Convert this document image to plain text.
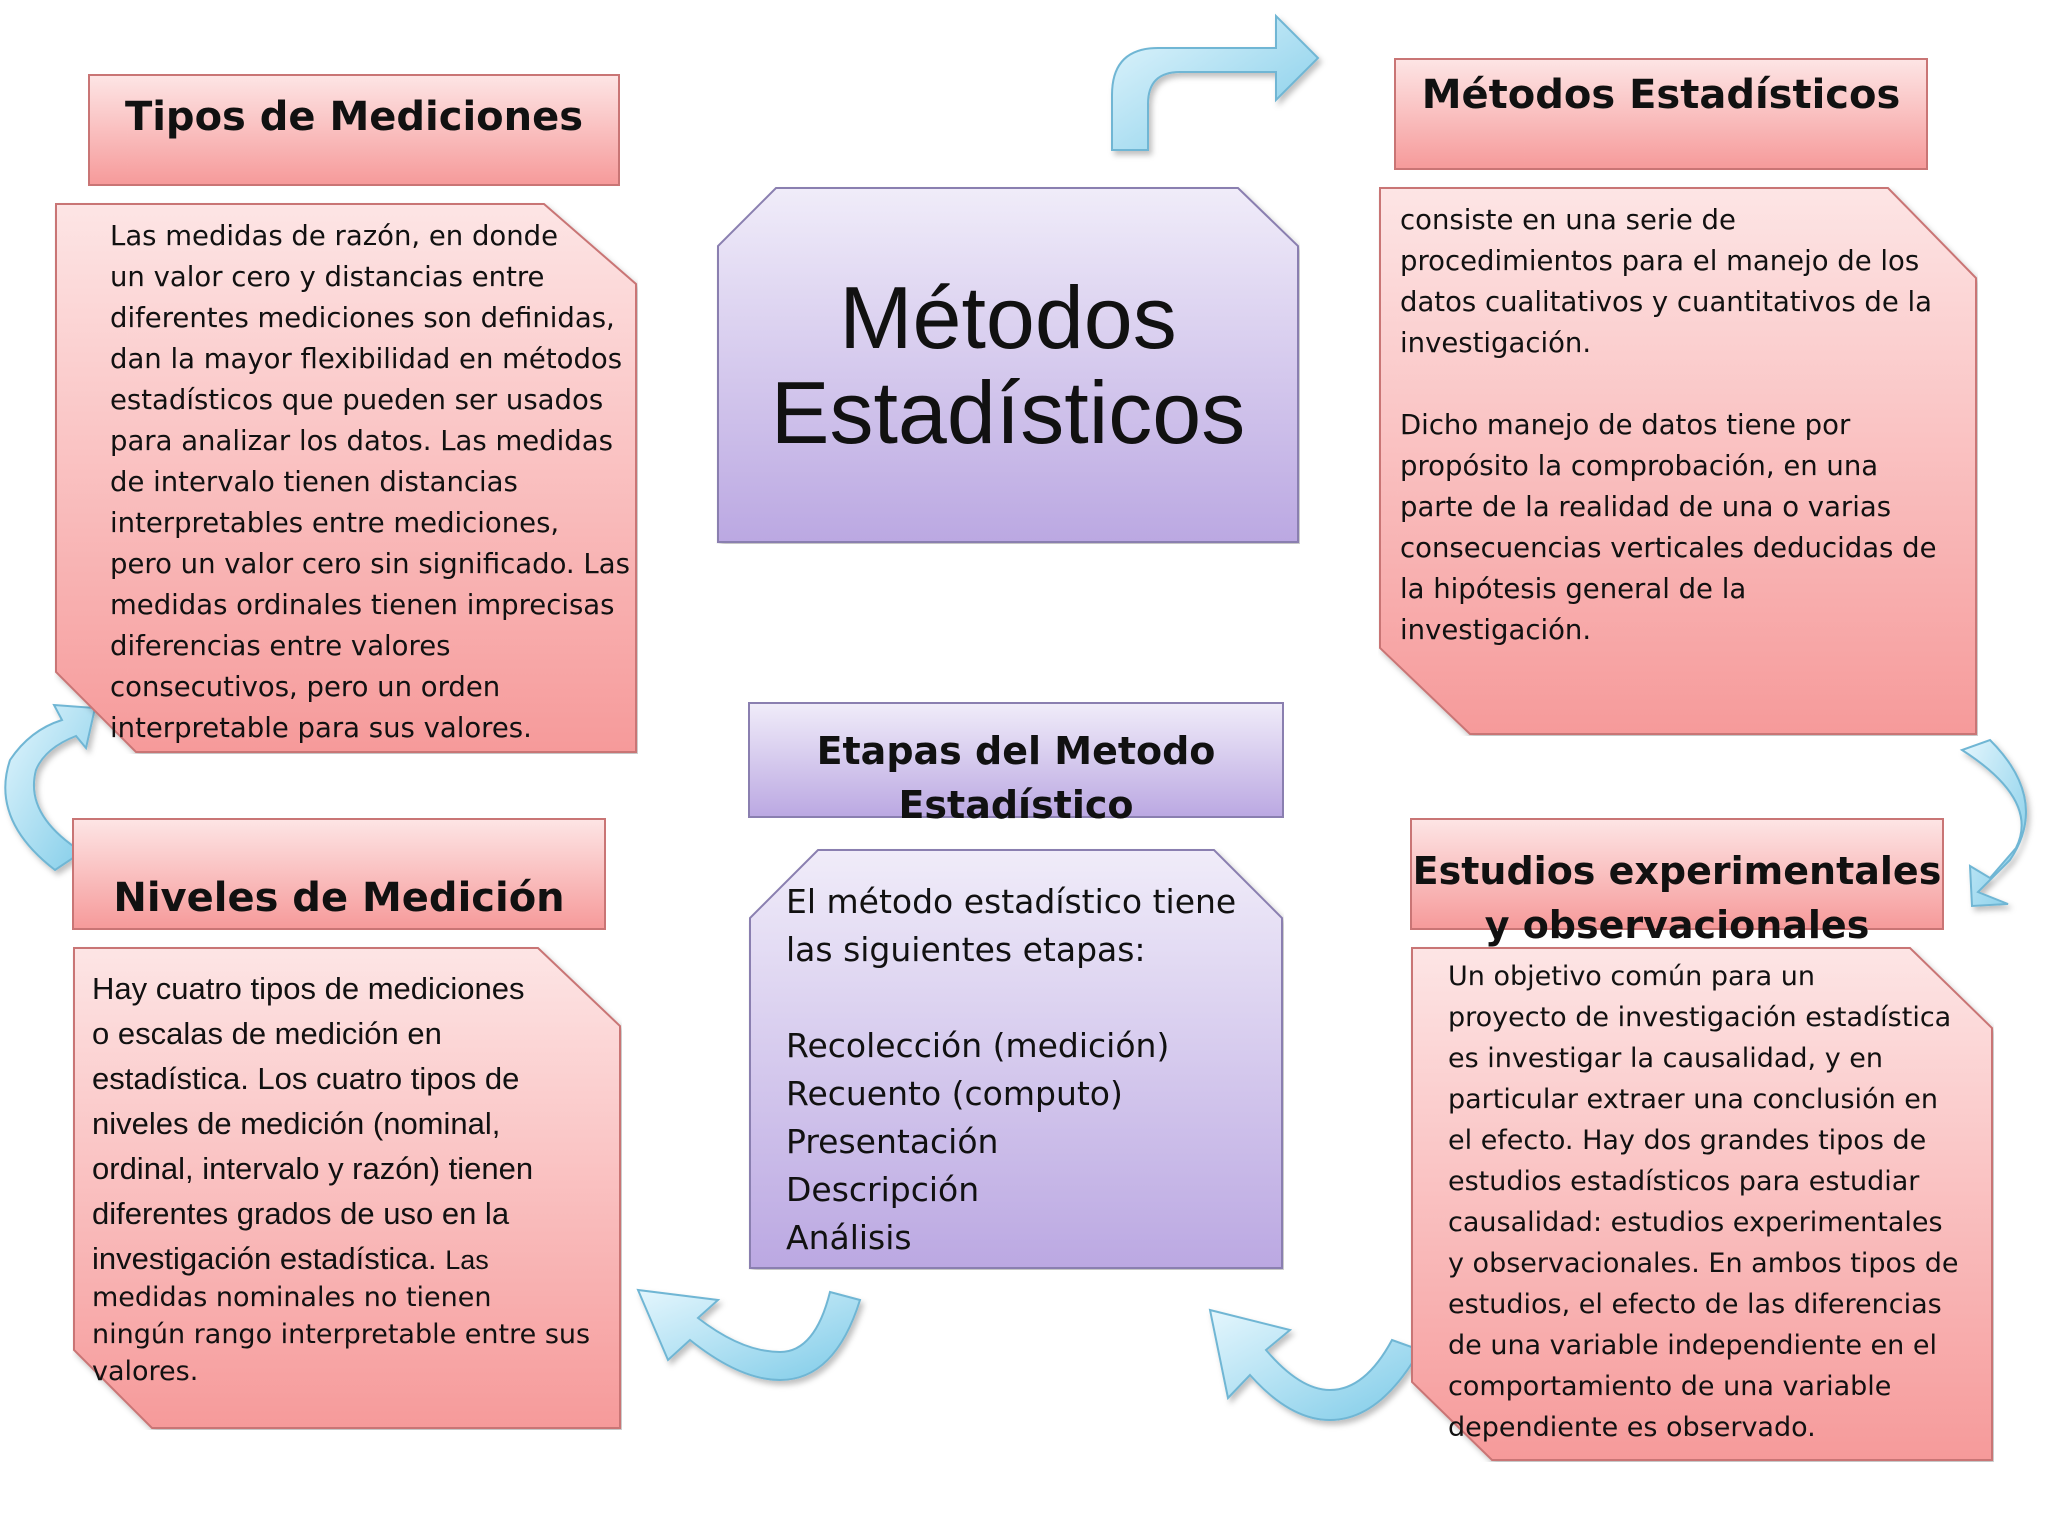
Métodos
Estadísticos
Tipos de Mediciones
Las medidas de razón, en donde
un valor cero y distancias entre
diferentes mediciones son definidas,
dan la mayor flexibilidad en métodos
estadísticos que pueden ser usados
para analizar los datos. Las medidas
de intervalo tienen distancias
interpretables entre mediciones,
pero un valor cero sin significado. Las
medidas ordinales tienen imprecisas
diferencias entre valores
consecutivos, pero un orden
interpretable para sus valores.
Métodos Estadísticos
consiste en una serie de
procedimientos para el manejo de los
datos cualitativos y cuantitativos de la
investigación.

Dicho manejo de datos tiene por
propósito la comprobación, en una
parte de la realidad de una o varias
consecuencias verticales deducidas de
la hipótesis general de la
investigación.
Niveles de Medición
Hay cuatro tipos de mediciones
o escalas de medición en
estadística. Los cuatro tipos de
niveles de medición (nominal,
ordinal, intervalo y razón) tienen
diferentes grados de uso en la
investigación estadística. Las
medidas nominales no tienen
ningún rango interpretable entre sus
valores.
Etapas del Metodo
Estadístico
El método estadístico tiene
las siguientes etapas:

Recolección (medición)
Recuento (computo)
Presentación
Descripción
Análisis
Estudios experimentales
y observacionales
Un objetivo común para un
proyecto de investigación estadística
es investigar la causalidad, y en
particular extraer una conclusión en
el efecto. Hay dos grandes tipos de
estudios estadísticos para estudiar
causalidad: estudios experimentales
y observacionales. En ambos tipos de
estudios, el efecto de las diferencias
de una variable independiente en el
comportamiento de una variable
dependiente es observado.
